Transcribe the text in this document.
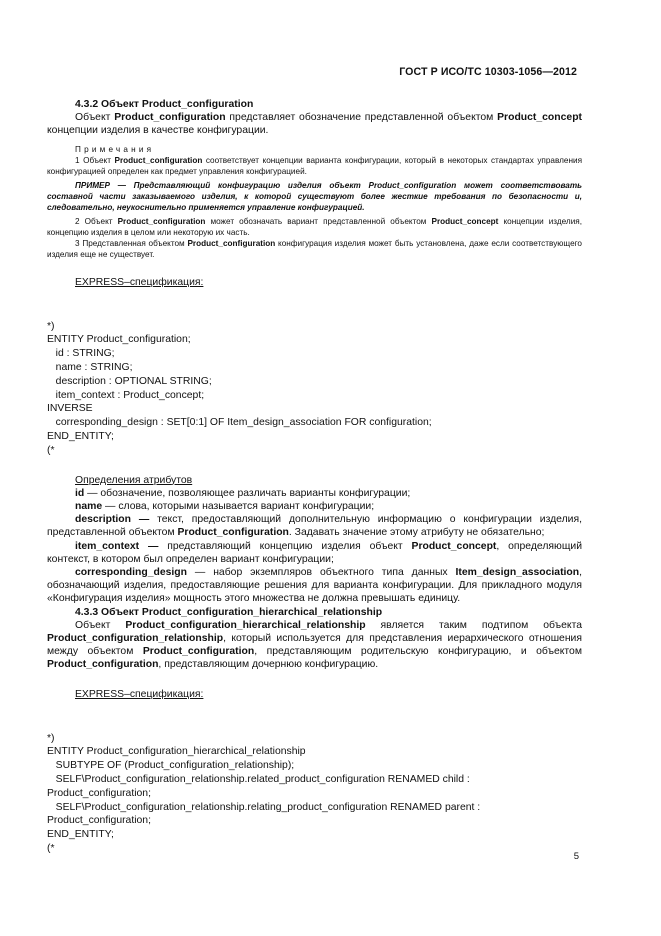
ГОСТ Р ИСО/ТС 10303-1056—2012

4.3.2 Объект Product_configuration

Объект Product_configuration представляет обозначение представленной объектом Product_concept концепции изделия в качестве конфигурации.

Примечания

1 Объект Product_configuration соответствует концепции варианта конфигурации, который в некоторых стандартах управления конфигурацией определен как предмет управления конфигурацией.

ПРИМЕР — Представляющий конфигурацию изделия объект Product_configuration может соответствовать составной части заказываемого изделия, к которой существуют более жесткие требования по безопасности и, следовательно, неукоснительно применяется управление конфигурацией.

2 Объект Product_configuration может обозначать вариант представленной объектом Product_concept концепции изделия, концепцию изделия в целом или некоторую их часть.

3 Представленная объектом Product_configuration конфигурация изделия может быть установлена, даже если соответствующего изделия еще не существует.

EXPRESS–спецификация:

*)
ENTITY Product_configuration;
id : STRING;
name : STRING;
description : OPTIONAL STRING;
item_context : Product_concept;
INVERSE
corresponding_design : SET[0:1] OF Item_design_association FOR configuration;
END_ENTITY;
(*

Определения атрибутов

id — обозначение, позволяющее различать варианты конфигурации;

name — слова, которыми называется вариант конфигурации;

description — текст, предоставляющий дополнительную информацию о конфигурации изделия, представленной объектом Product_configuration. Задавать значение этому атрибуту не обязательно;

item_context — представляющий концепцию изделия объект Product_concept, определяющий контекст, в котором был определен вариант конфигурации;

corresponding_design — набор экземпляров объектного типа данных Item_design_association, обозначающий изделия, предоставляющие решения для варианта конфигурации. Для прикладного модуля «Конфигурация изделия» мощность этого множества не должна превышать единицу.

4.3.3 Объект Product_configuration_hierarchical_relationship

Объект Product_configuration_hierarchical_relationship является таким подтипом объекта Product_configuration_relationship, который используется для представления иерархического отношения между объектом Product_configuration, представляющим родительскую конфигурацию, и объектом Product_configuration, представляющим дочернюю конфигурацию.

EXPRESS–спецификация:

*)
ENTITY Product_configuration_hierarchical_relationship
SUBTYPE OF (Product_configuration_relationship);
SELF\Product_configuration_relationship.related_product_configuration RENAMED child :
Product_configuration;
SELF\Product_configuration_relationship.relating_product_configuration RENAMED parent :
Product_configuration;
END_ENTITY;
(*
5
